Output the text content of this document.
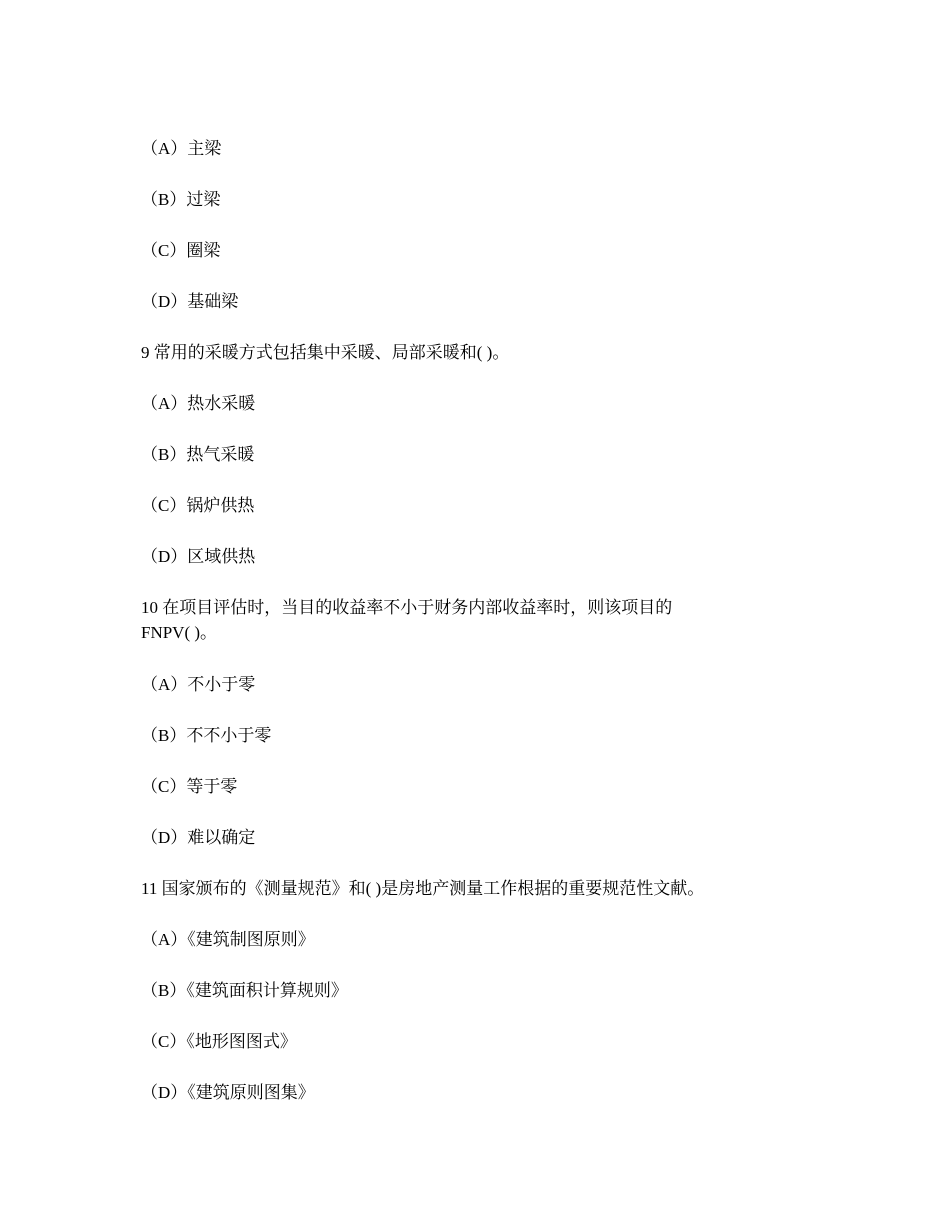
（A）主梁
（B）过梁
（C）圈梁
（D）基础梁
9 常用的采暖方式包括集中采暖、局部采暖和( )。
（A）热水采暖
（B）热气采暖
（C）锅炉供热
（D）区域供热
10 在项目评估时，当目的收益率不小于财务内部收益率时，则该项目的
FNPV( )。
（A）不小于零
（B）不不小于零
（C）等于零
（D）难以确定
11 国家颁布的《测量规范》和( )是房地产测量工作根据的重要规范性文献。
（A）《建筑制图原则》
（B）《建筑面积计算规则》
（C）《地形图图式》
（D）《建筑原则图集》
